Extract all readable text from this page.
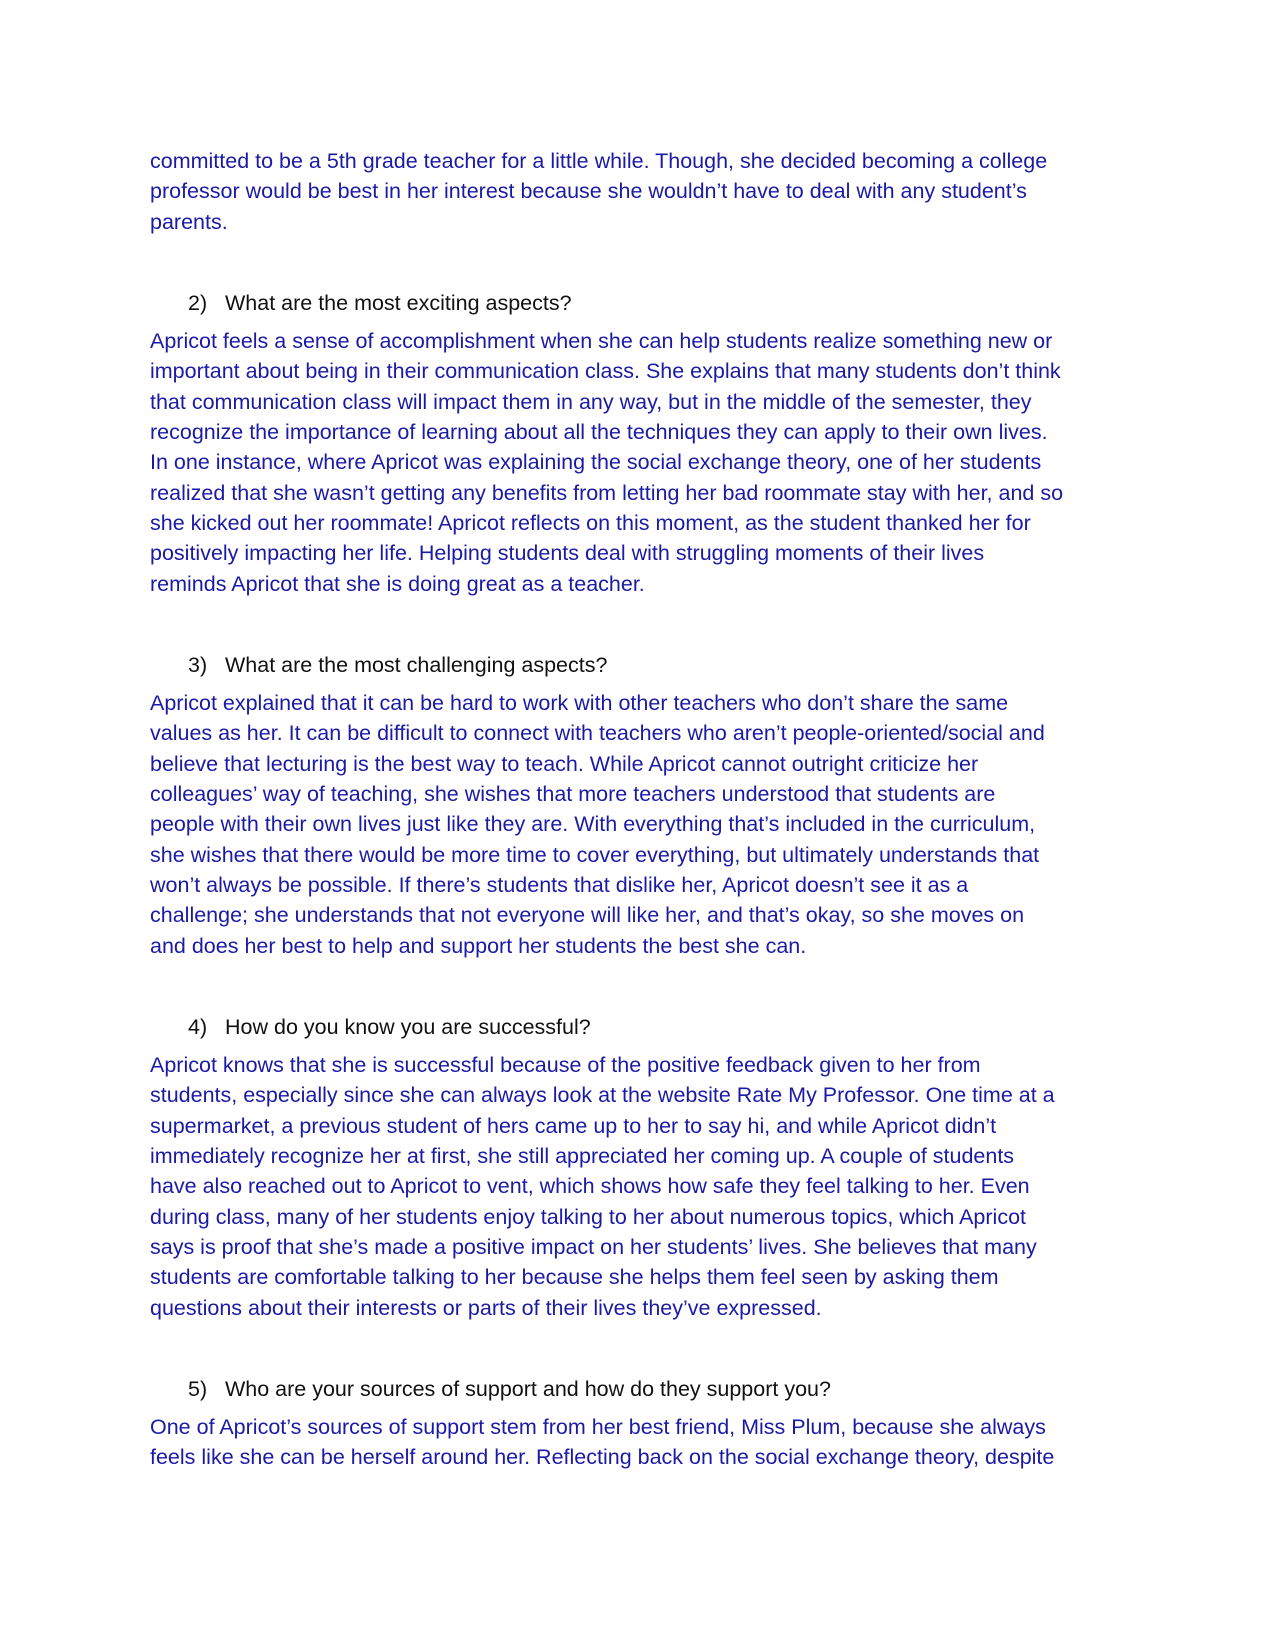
committed to be a 5th grade teacher for a little while. Though, she decided becoming a college
professor would be best in her interest because she wouldn’t have to deal with any student’s
parents.

2) What are the most exciting aspects?

Apricot feels a sense of accomplishment when she can help students realize something new or
important about being in their communication class. She explains that many students don’t think
that communication class will impact them in any way, but in the middle of the semester, they
recognize the importance of learning about all the techniques they can apply to their own lives.
In one instance, where Apricot was explaining the social exchange theory, one of her students
realized that she wasn’t getting any benefits from letting her bad roommate stay with her, and so
she kicked out her roommate! Apricot reflects on this moment, as the student thanked her for
positively impacting her life. Helping students deal with struggling moments of their lives
reminds Apricot that she is doing great as a teacher.

3) What are the most challenging aspects?

Apricot explained that it can be hard to work with other teachers who don’t share the same
values as her. It can be difficult to connect with teachers who aren’t people-oriented/social and
believe that lecturing is the best way to teach. While Apricot cannot outright criticize her
colleagues’ way of teaching, she wishes that more teachers understood that students are
people with their own lives just like they are. With everything that’s included in the curriculum,
she wishes that there would be more time to cover everything, but ultimately understands that
won’t always be possible. If there’s students that dislike her, Apricot doesn’t see it as a
challenge; she understands that not everyone will like her, and that’s okay, so she moves on
and does her best to help and support her students the best she can.

4) How do you know you are successful?

Apricot knows that she is successful because of the positive feedback given to her from
students, especially since she can always look at the website Rate My Professor. One time at a
supermarket, a previous student of hers came up to her to say hi, and while Apricot didn’t
immediately recognize her at first, she still appreciated her coming up. A couple of students
have also reached out to Apricot to vent, which shows how safe they feel talking to her. Even
during class, many of her students enjoy talking to her about numerous topics, which Apricot
says is proof that she’s made a positive impact on her students’ lives. She believes that many
students are comfortable talking to her because she helps them feel seen by asking them
questions about their interests or parts of their lives they’ve expressed.

5) Who are your sources of support and how do they support you?

One of Apricot’s sources of support stem from her best friend, Miss Plum, because she always
feels like she can be herself around her. Reflecting back on the social exchange theory, despite
